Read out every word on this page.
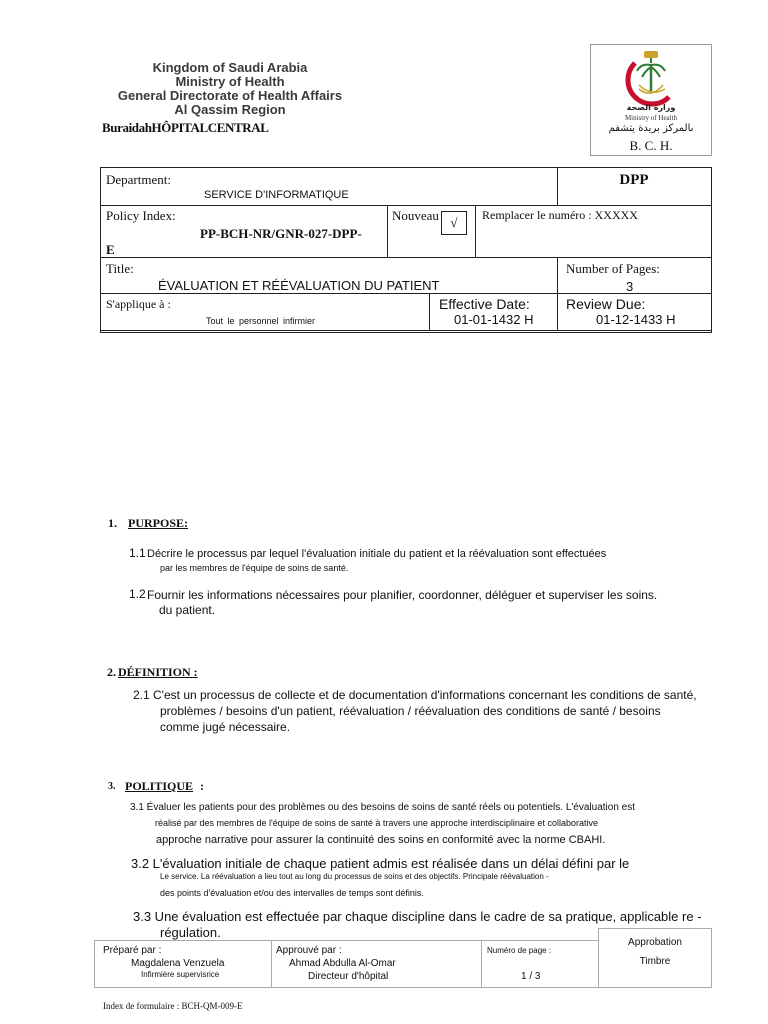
Kingdom of Saudi Arabia
Ministry of Health
General Directorate of Health Affairs
Al Qassim Region
BuraidahHÔPITALCENTRAL
وزارة الصحة
Ministry of Health
ىالمركز بريدة يتشفم
B. C. H.
Department:
SERVICE D'INFORMATIQUE
DPP
Policy Index:
PP-BCH-NR/GNR-027-DPP-
E
Nouveau √	Remplacer le numéro : XXXXX
Title:
ÉVALUATION ET RÉÉVALUATION DU PATIENT
Number of Pages:
3
S'applique à :
Tout le personnel infirmier
Effective Date:
01-01-1432 H
Review Due:
01-12-1433 H
1. PURPOSE:
1.1 Décrire le processus par lequel l'évaluation initiale du patient et la réévaluation sont effectuées
par les membres de l'équipe de soins de santé.
1.2 Fournir les informations nécessaires pour planifier, coordonner, déléguer et superviser les soins.
du patient.
2. DÉFINITION :
2.1 C'est un processus de collecte et de documentation d'informations concernant les conditions de santé,
problèmes / besoins d'un patient, réévaluation / réévaluation des conditions de santé / besoins
comme jugé nécessaire.
3. POLITIQUE :
3.1 Évaluer les patients pour des problèmes ou des besoins de soins de santé réels ou potentiels. L'évaluation est
réalisé par des membres de l'équipe de soins de santé à travers une approche interdisciplinaire et collaborative
approche narrative pour assurer la continuité des soins en conformité avec la norme CBAHI.
3.2 L'évaluation initiale de chaque patient admis est réalisée dans un délai défini par le
Le service. La réévaluation a lieu tout au long du processus de soins et des objectifs. Principale réévaluation -
des points d'évaluation et/ou des intervalles de temps sont définis.
3.3 Une évaluation est effectuée par chaque discipline dans le cadre de sa pratique, applicable re -
régulation.
Préparé par :
Magdalena Venzuela
Infirmière supervisrice
Approuvé par :
Ahmad Abdulla Al-Omar
Directeur d'hôpital
Numéro de page :
1 / 3
Approbation
Timbre
Index de formulaire : BCH-QM-009-E
